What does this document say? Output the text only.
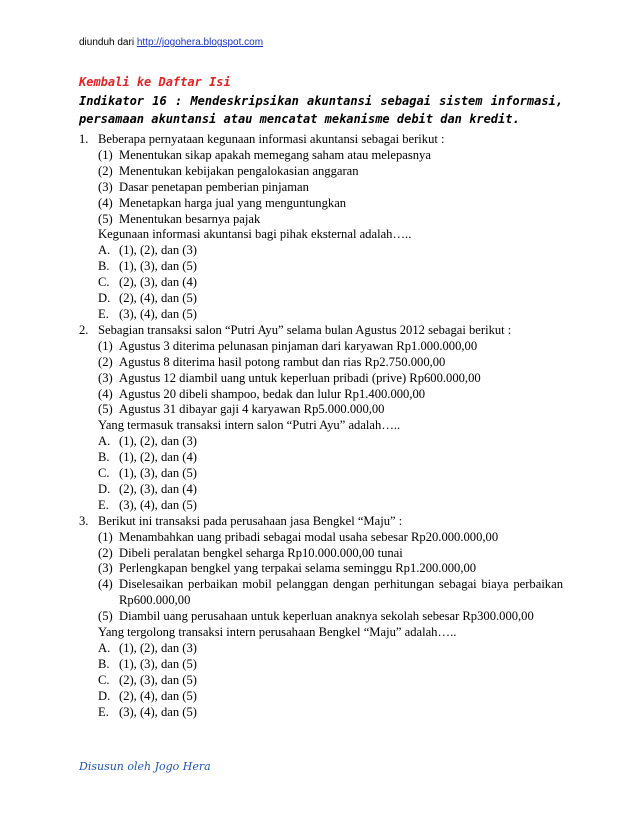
diunduh dari http://jogohera.blogspot.com
Kembali ke Daftar Isi
Indikator 16 : Mendeskripsikan akuntansi sebagai sistem informasi, persamaan akuntansi atau mencatat mekanisme debit dan kredit.
1. Beberapa pernyataan kegunaan informasi akuntansi sebagai berikut :
(1) Menentukan sikap apakah memegang saham atau melepasnya
(2) Menentukan kebijakan pengalokasian anggaran
(3) Dasar penetapan pemberian pinjaman
(4) Menetapkan harga jual yang menguntungkan
(5) Menentukan besarnya pajak
Kegunaan informasi akuntansi bagi pihak eksternal adalah…..
A. (1), (2), dan (3)
B. (1), (3), dan (5)
C. (2), (3), dan (4)
D. (2), (4), dan (5)
E. (3), (4), dan (5)
2. Sebagian transaksi salon “Putri Ayu” selama bulan Agustus 2012 sebagai berikut :
(1) Agustus 3 diterima pelunasan pinjaman dari karyawan Rp1.000.000,00
(2) Agustus 8 diterima hasil potong rambut dan rias Rp2.750.000,00
(3) Agustus 12 diambil uang untuk keperluan pribadi (prive) Rp600.000,00
(4) Agustus 20 dibeli shampoo, bedak dan lulur Rp1.400.000,00
(5) Agustus 31 dibayar gaji 4 karyawan Rp5.000.000,00
Yang termasuk transaksi intern salon “Putri Ayu” adalah…..
A. (1), (2), dan (3)
B. (1), (2), dan (4)
C. (1), (3), dan (5)
D. (2), (3), dan (4)
E. (3), (4), dan (5)
3. Berikut ini transaksi pada perusahaan jasa Bengkel “Maju” :
(1) Menambahkan uang pribadi sebagai modal usaha sebesar Rp20.000.000,00
(2) Dibeli peralatan bengkel seharga Rp10.000.000,00 tunai
(3) Perlengkapan bengkel yang terpakai selama seminggu Rp1.200.000,00
(4) Diselesaikan perbaikan mobil pelanggan dengan perhitungan sebagai biaya perbaikan Rp600.000,00
(5) Diambil uang perusahaan untuk keperluan anaknya sekolah sebesar Rp300.000,00
Yang tergolong transaksi intern perusahaan Bengkel “Maju” adalah…..
A. (1), (2), dan (3)
B. (1), (3), dan (5)
C. (2), (3), dan (5)
D. (2), (4), dan (5)
E. (3), (4), dan (5)
Disusun oleh Jogo Hera
